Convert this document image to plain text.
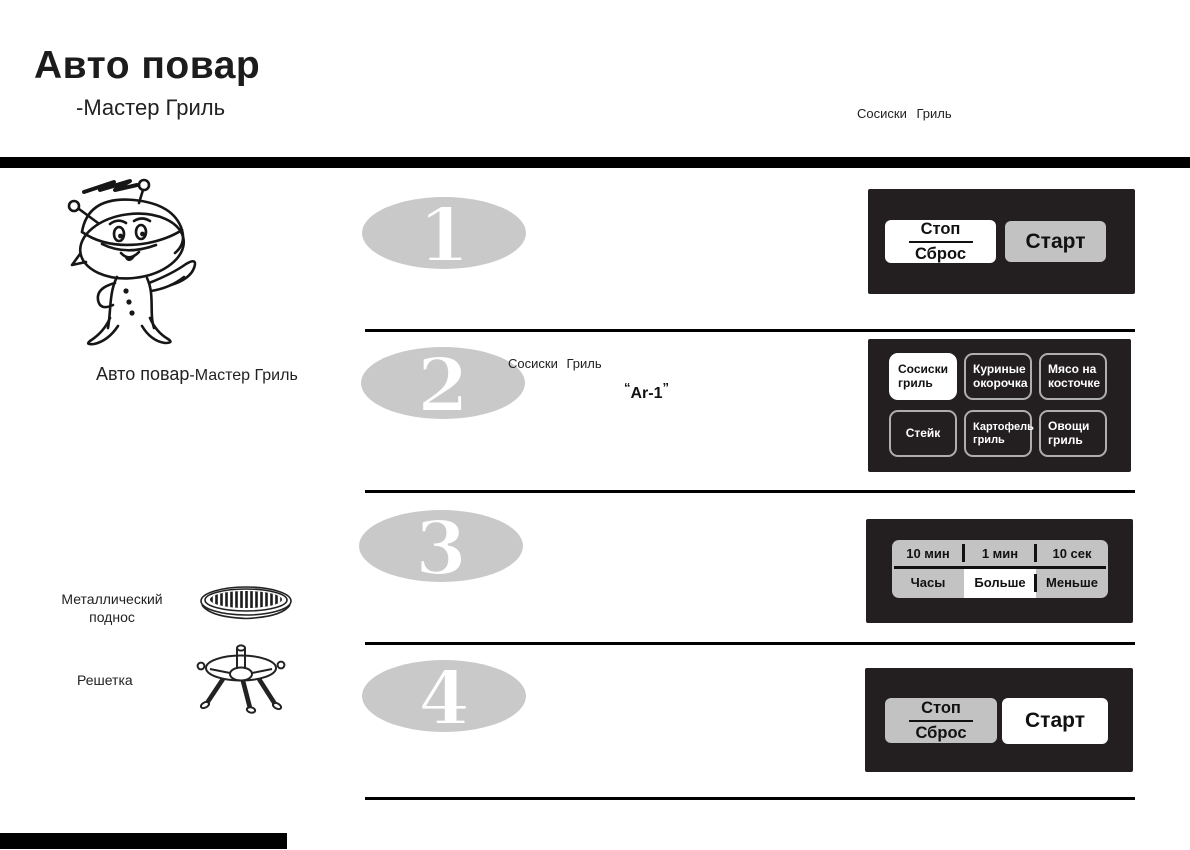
Авто повар
-Мастер Гриль	Сосиски Гриль
Авто повар-Мастер Гриль
Металлический
поднос
Решетка
1
2
3
4
Сосиски Гриль
“Ar-1”
Стоп
Сброс
Старт
Сосиски
гриль
Куриные
окорочка
Мясо на
косточке
Стейк	Картофель
гриль
Овощи
гриль
10 мин	1 мин	10 сек
Часы	Больше	Меньше
Стоп
Сброс
Старт
